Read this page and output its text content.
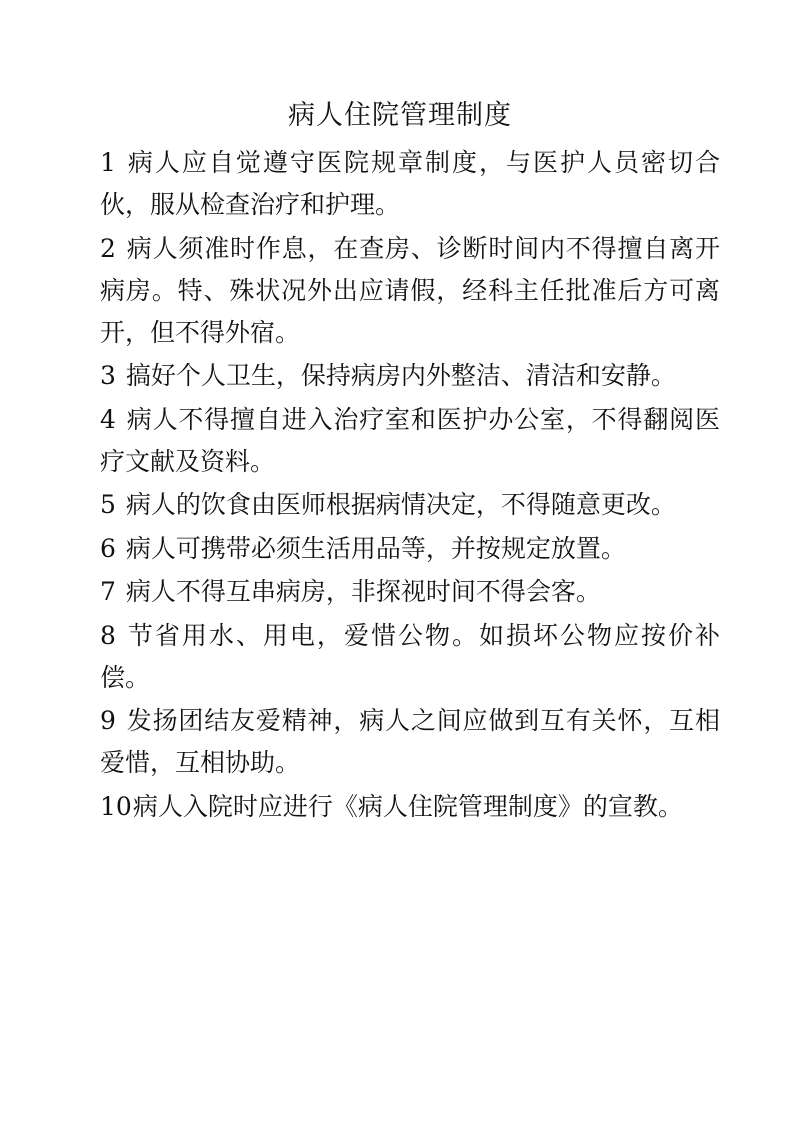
病人住院管理制度
1 病人应自觉遵守医院规章制度，与医护人员密切合伙，服从检查治疗和护理。
2 病人须准时作息，在查房、诊断时间内不得擅自离开病房。特、殊状况外出应请假，经科主任批准后方可离开，但不得外宿。
3 搞好个人卫生，保持病房内外整洁、清洁和安静。
4 病人不得擅自进入治疗室和医护办公室，不得翻阅医疗文献及资料。
5 病人的饮食由医师根据病情决定，不得随意更改。
6 病人可携带必须生活用品等，并按规定放置。
7 病人不得互串病房，非探视时间不得会客。
8 节省用水、用电，爱惜公物。如损坏公物应按价补偿。
9 发扬团结友爱精神，病人之间应做到互有关怀，互相爱惜，互相协助。
10病人入院时应进行《病人住院管理制度》的宣教。
